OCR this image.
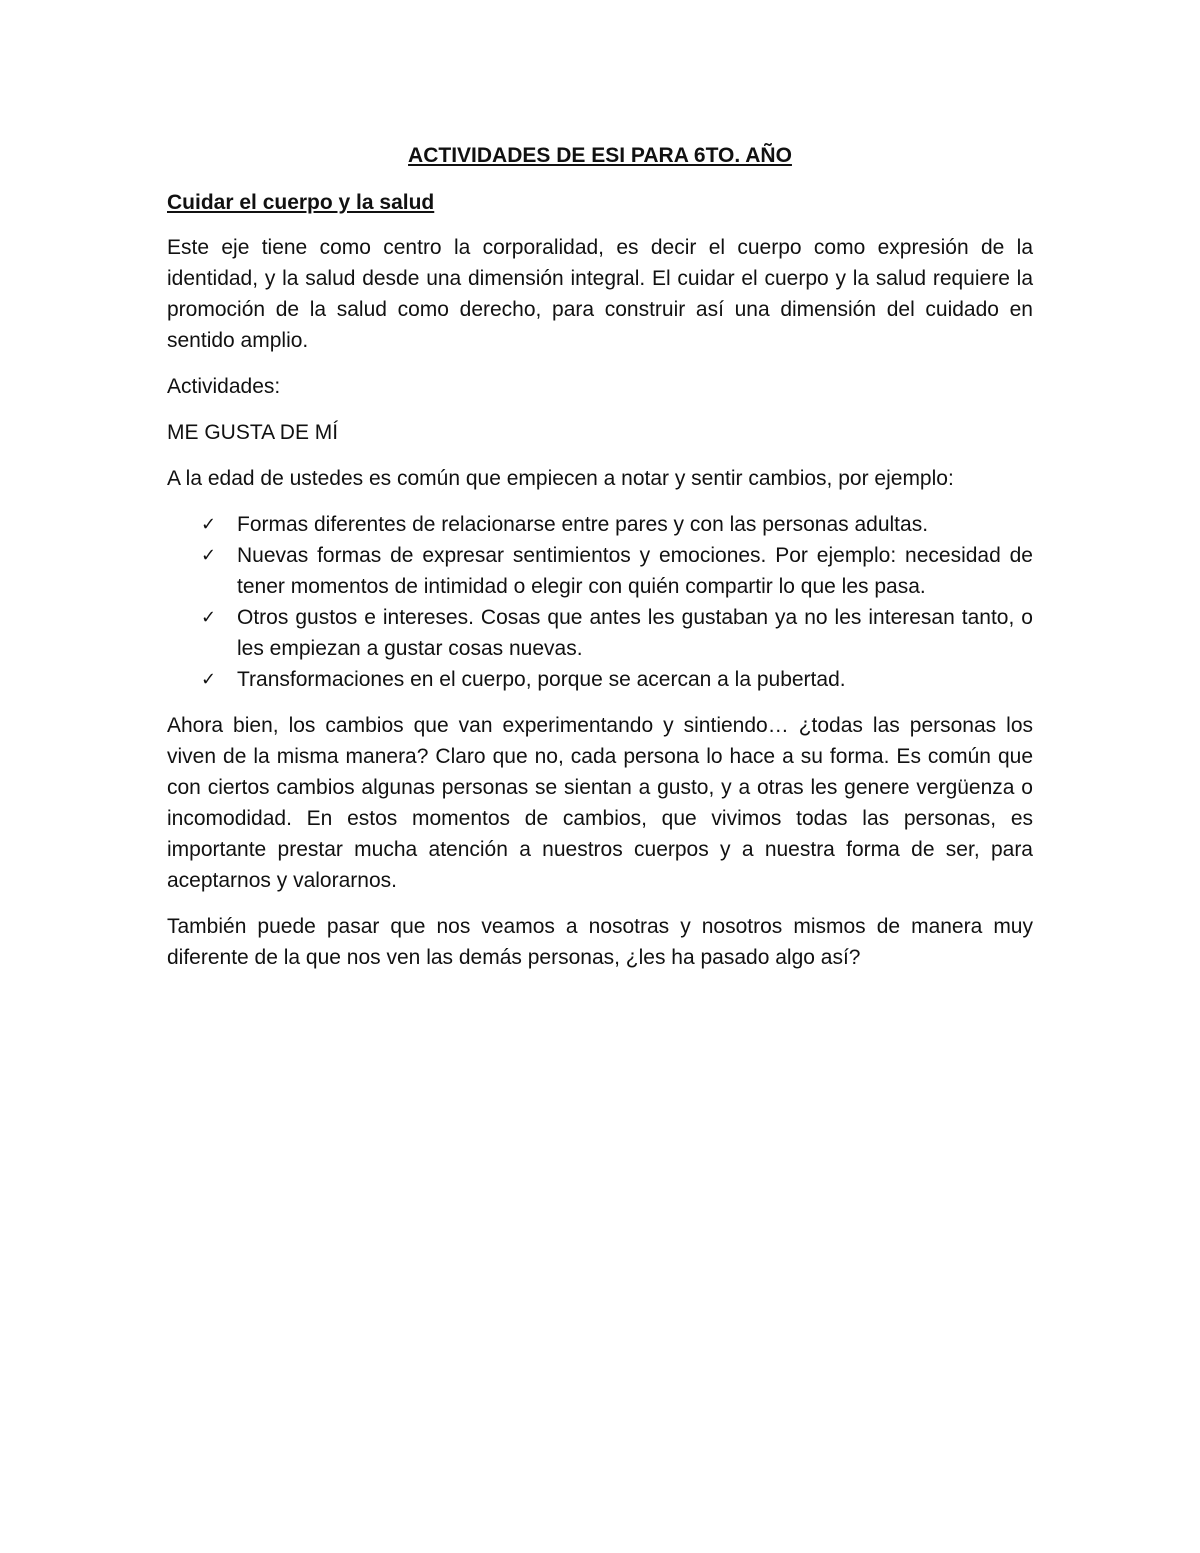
ACTIVIDADES DE ESI PARA 6TO. AÑO
Cuidar el cuerpo y la salud

Este eje tiene como centro la corporalidad, es decir el cuerpo como expresión de la identidad, y la salud desde una dimensión integral. El cuidar el cuerpo y la salud requiere la promoción de la salud como derecho, para construir así una dimensión del cuidado en sentido amplio.

Actividades:

ME GUSTA DE MÍ

A la edad de ustedes es común que empiecen a notar y sentir cambios, por ejemplo:

✓ Formas diferentes de relacionarse entre pares y con las personas adultas.
✓ Nuevas formas de expresar sentimientos y emociones. Por ejemplo: necesidad de tener momentos de intimidad o elegir con quién compartir lo que les pasa.
✓ Otros gustos e intereses. Cosas que antes les gustaban ya no les interesan tanto, o les empiezan a gustar cosas nuevas.
✓ Transformaciones en el cuerpo, porque se acercan a la pubertad.

Ahora bien, los cambios que van experimentando y sintiendo… ¿todas las personas los viven de la misma manera? Claro que no, cada persona lo hace a su forma. Es común que con ciertos cambios algunas personas se sientan a gusto, y a otras les genere vergüenza o incomodidad. En estos momentos de cambios, que vivimos todas las personas, es importante prestar mucha atención a nuestros cuerpos y a nuestra forma de ser, para aceptarnos y valorarnos.

También puede pasar que nos veamos a nosotras y nosotros mismos de manera muy diferente de la que nos ven las demás personas, ¿les ha pasado algo así?
